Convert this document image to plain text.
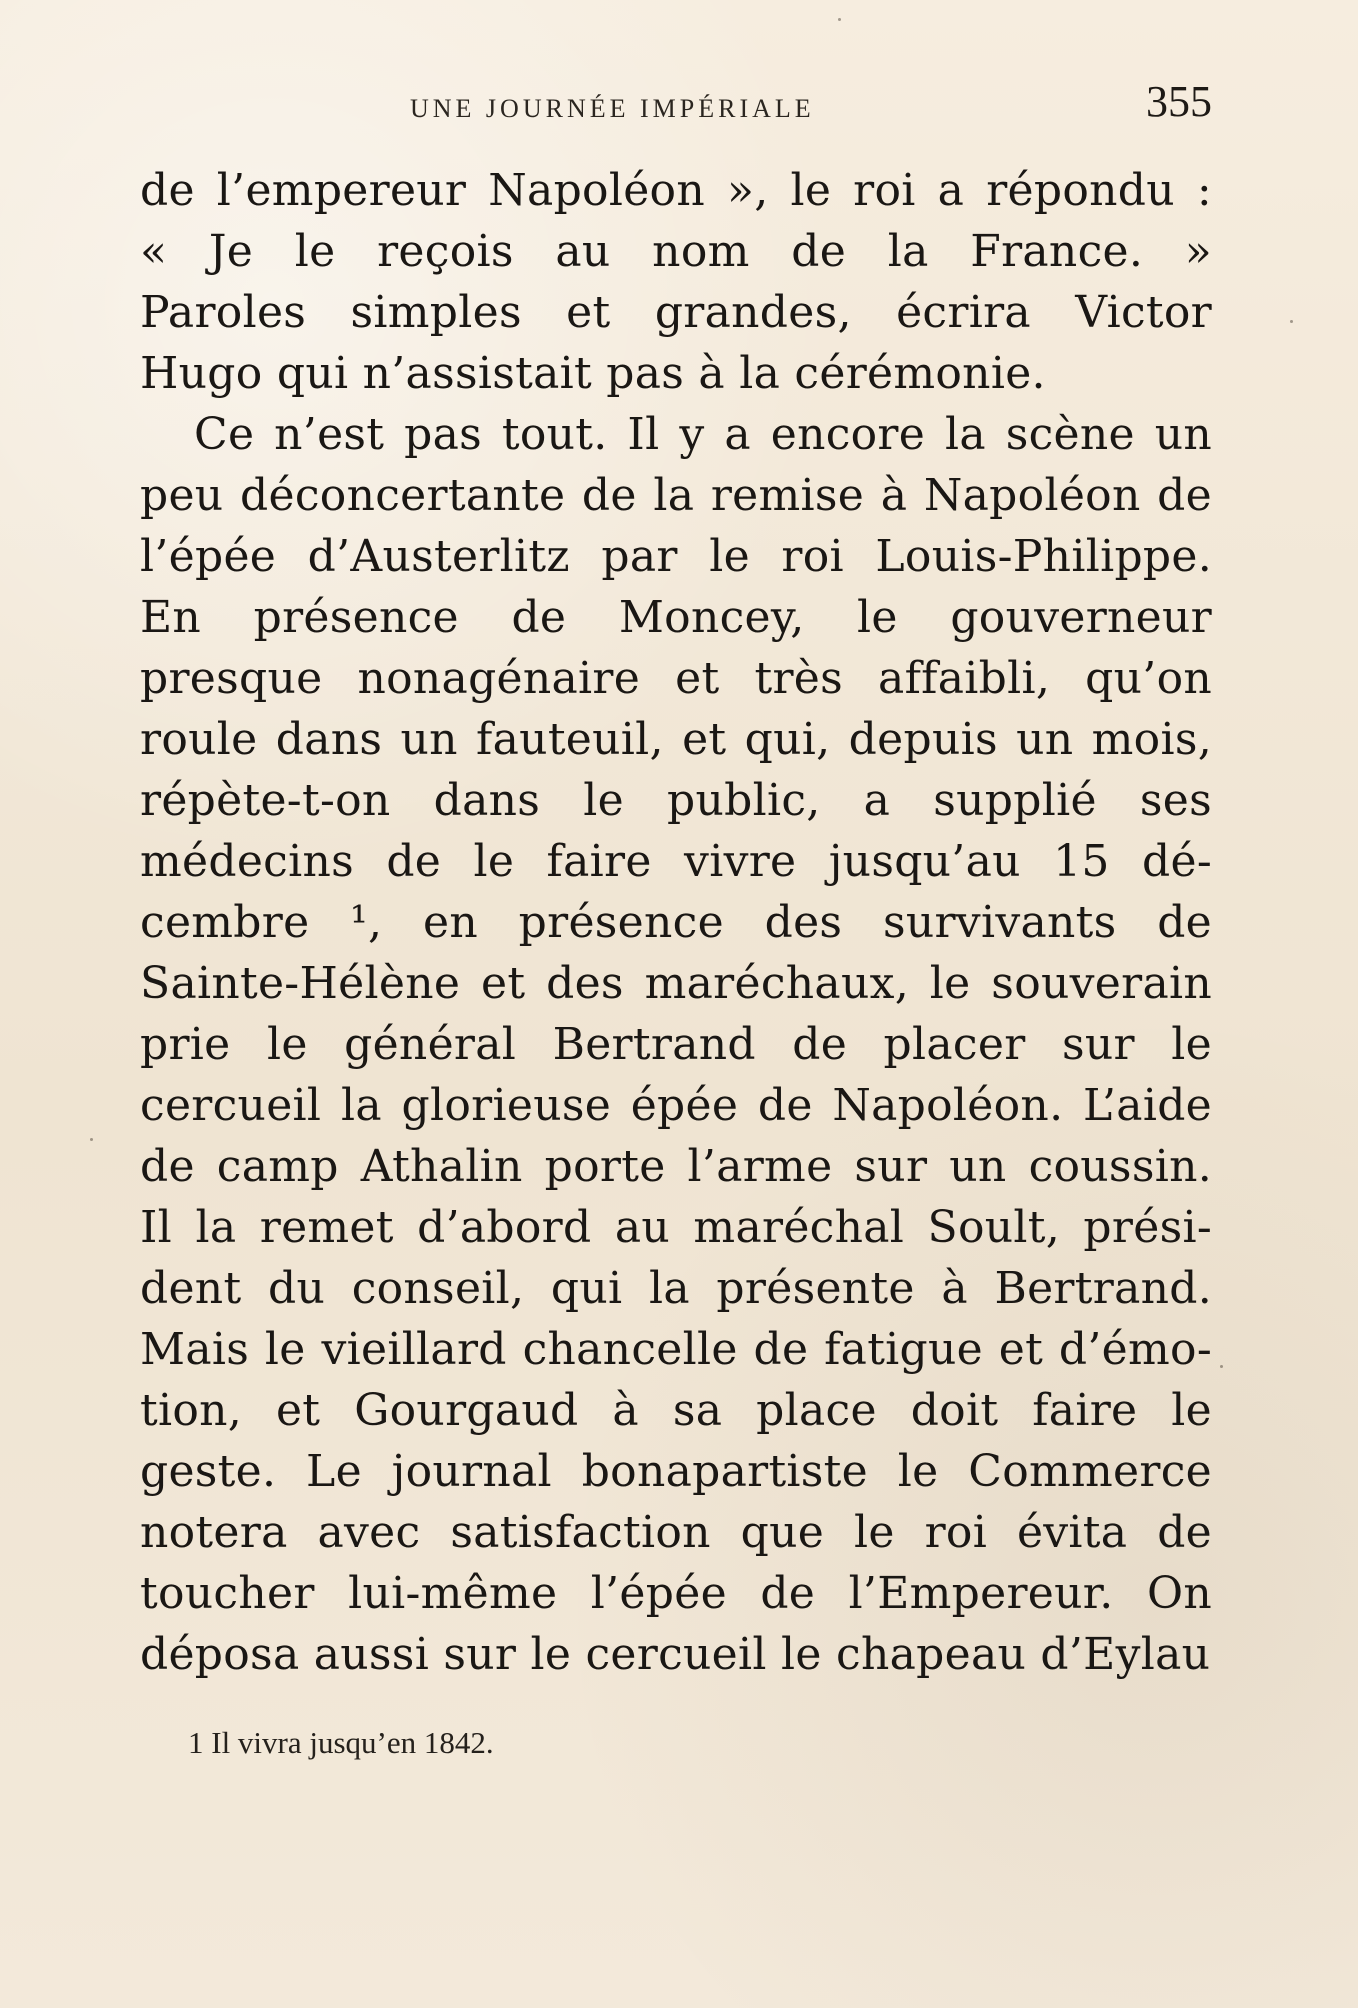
UNE JOURNÉE IMPÉRIALE	355
de l’empereur Napoléon », le roi a répondu :
« Je le reçois au nom de la France. »
Paroles simples et grandes, écrira Victor
Hugo qui n’assistait pas à la cérémonie.
Ce n’est pas tout. Il y a encore la scène un
peu déconcertante de la remise à Napoléon de
l’épée d’Austerlitz par le roi Louis-Philippe.
En présence de Moncey, le gouverneur
presque nonagénaire et très affaibli, qu’on
roule dans un fauteuil, et qui, depuis un mois,
répète-t-on dans le public, a supplié ses
médecins de le faire vivre jusqu’au 15 dé-
cembre ¹, en présence des survivants de
Sainte-Hélène et des maréchaux, le souverain
prie le général Bertrand de placer sur le
cercueil la glorieuse épée de Napoléon. L’aide
de camp Athalin porte l’arme sur un coussin.
Il la remet d’abord au maréchal Soult, prési-
dent du conseil, qui la présente à Bertrand.
Mais le vieillard chancelle de fatigue et d’émo-
tion, et Gourgaud à sa place doit faire le
geste. Le journal bonapartiste le Commerce
notera avec satisfaction que le roi évita de
toucher lui-même l’épée de l’Empereur. On
déposa aussi sur le cercueil le chapeau d’Eylau
1 Il vivra jusqu’en 1842.
